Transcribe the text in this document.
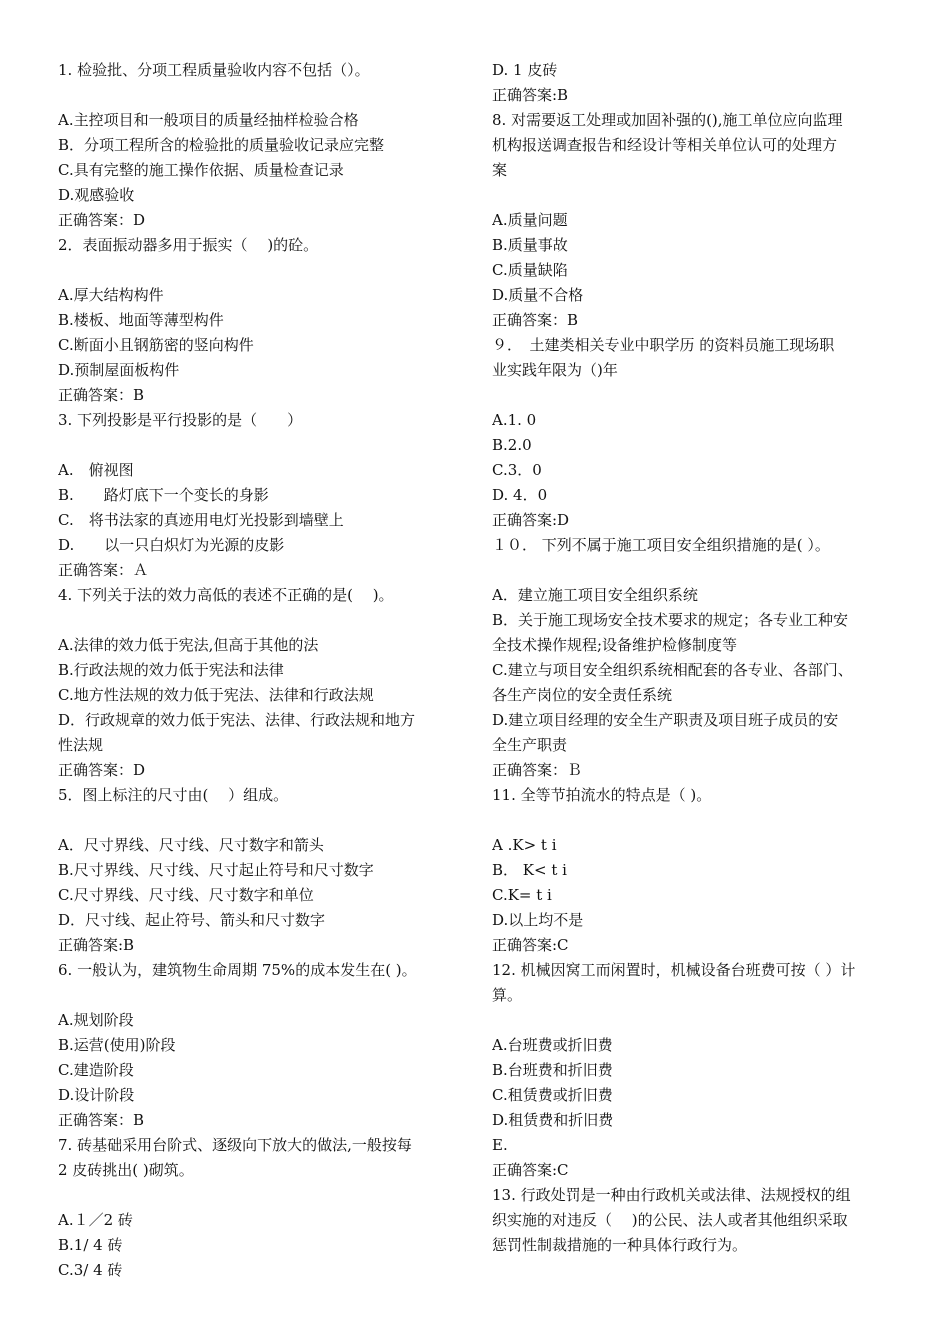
1. 检验批、分项工程质量验收内容不包括（）。
A.主控项目和一般项目的质量经抽样检验合格
B．分项工程所含的检验批的质量验收记录应完整
C.具有完整的施工操作依据、质量检查记录
D.观感验收
正确答案：D
2．表面振动器多用于振实（　 )的砼。
A.厚大结构构件
B.楼板、地面等薄型构件
C.断面小且钢筋密的竖向构件
D.预制屋面板构件
正确答案：B
3. 下列投影是平行投影的是（　　）
A.　俯视图
B.　　路灯底下一个变长的身影
C.　将书法家的真迹用电灯光投影到墙壁上
D.　　以一只白炽灯为光源的皮影
正确答案：Ａ
4. 下列关于法的效力高低的表述不正确的是(　 )。
A.法律的效力低于宪法,但高于其他的法
B.行政法规的效力低于宪法和法律
C.地方性法规的效力低于宪法、法律和行政法规
D．行政规章的效力低于宪法、法律、行政法规和地方
性法规
正确答案：D
5．图上标注的尺寸由(　 ）组成。
A．尺寸界线、尺寸线、尺寸数字和箭头
B.尺寸界线、尺寸线、尺寸起止符号和尺寸数字
C.尺寸界线、尺寸线、尺寸数字和单位
D．尺寸线、起止符号、箭头和尺寸数字
正确答案:B
6. 一般认为，建筑物生命周期 75%的成本发生在( )。
A.规划阶段
B.运营(使用)阶段
C.建造阶段
D.设计阶段
正确答案：B
7. 砖基础采用台阶式、逐级向下放大的做法,一般按每
2 皮砖挑出( )砌筑。
A.１／2 砖
B.1/ 4 砖
C.3/ 4 砖
D. 1 皮砖
正确答案:B
8. 对需要返工处理或加固补强的(),施工单位应向监理
机构报送调查报告和经设计等相关单位认可的处理方
案
A.质量问题
B.质量事故
C.质量缺陷
D.质量不合格
正确答案：B
９．　土建类相关专业中职学历 的资料员施工现场职
业实践年限为（)年
A.1. 0
B.2.0
C.3．0
D. 4．0
正确答案:D
１０． 下列不属于施工项目安全组织措施的是( ）。
A．建立施工项目安全组织系统
B．关于施工现场安全技术要求的规定；各专业工种安
全技术操作规程;设备维护检修制度等
C.建立与项目安全组织系统相配套的各专业、各部门、
各生产岗位的安全责任系统
D.建立项目经理的安全生产职责及项目班子成员的安
全生产职责
正确答案：Ｂ
11. 全等节拍流水的特点是（ )。
A .K> t i
B． K< t i
C.K= t i
D.以上均不是
正确答案:C
12. 机械因窝工而闲置时，机械设备台班费可按（ ）计
算。
A.台班费或折旧费
B.台班费和折旧费
C.租赁费或折旧费
D.租赁费和折旧费
E.
正确答案:C
13. 行政处罚是一种由行政机关或法律、法规授权的组
织实施的对违反（　 )的公民、法人或者其他组织采取
惩罚性制裁措施的一种具体行政行为。
